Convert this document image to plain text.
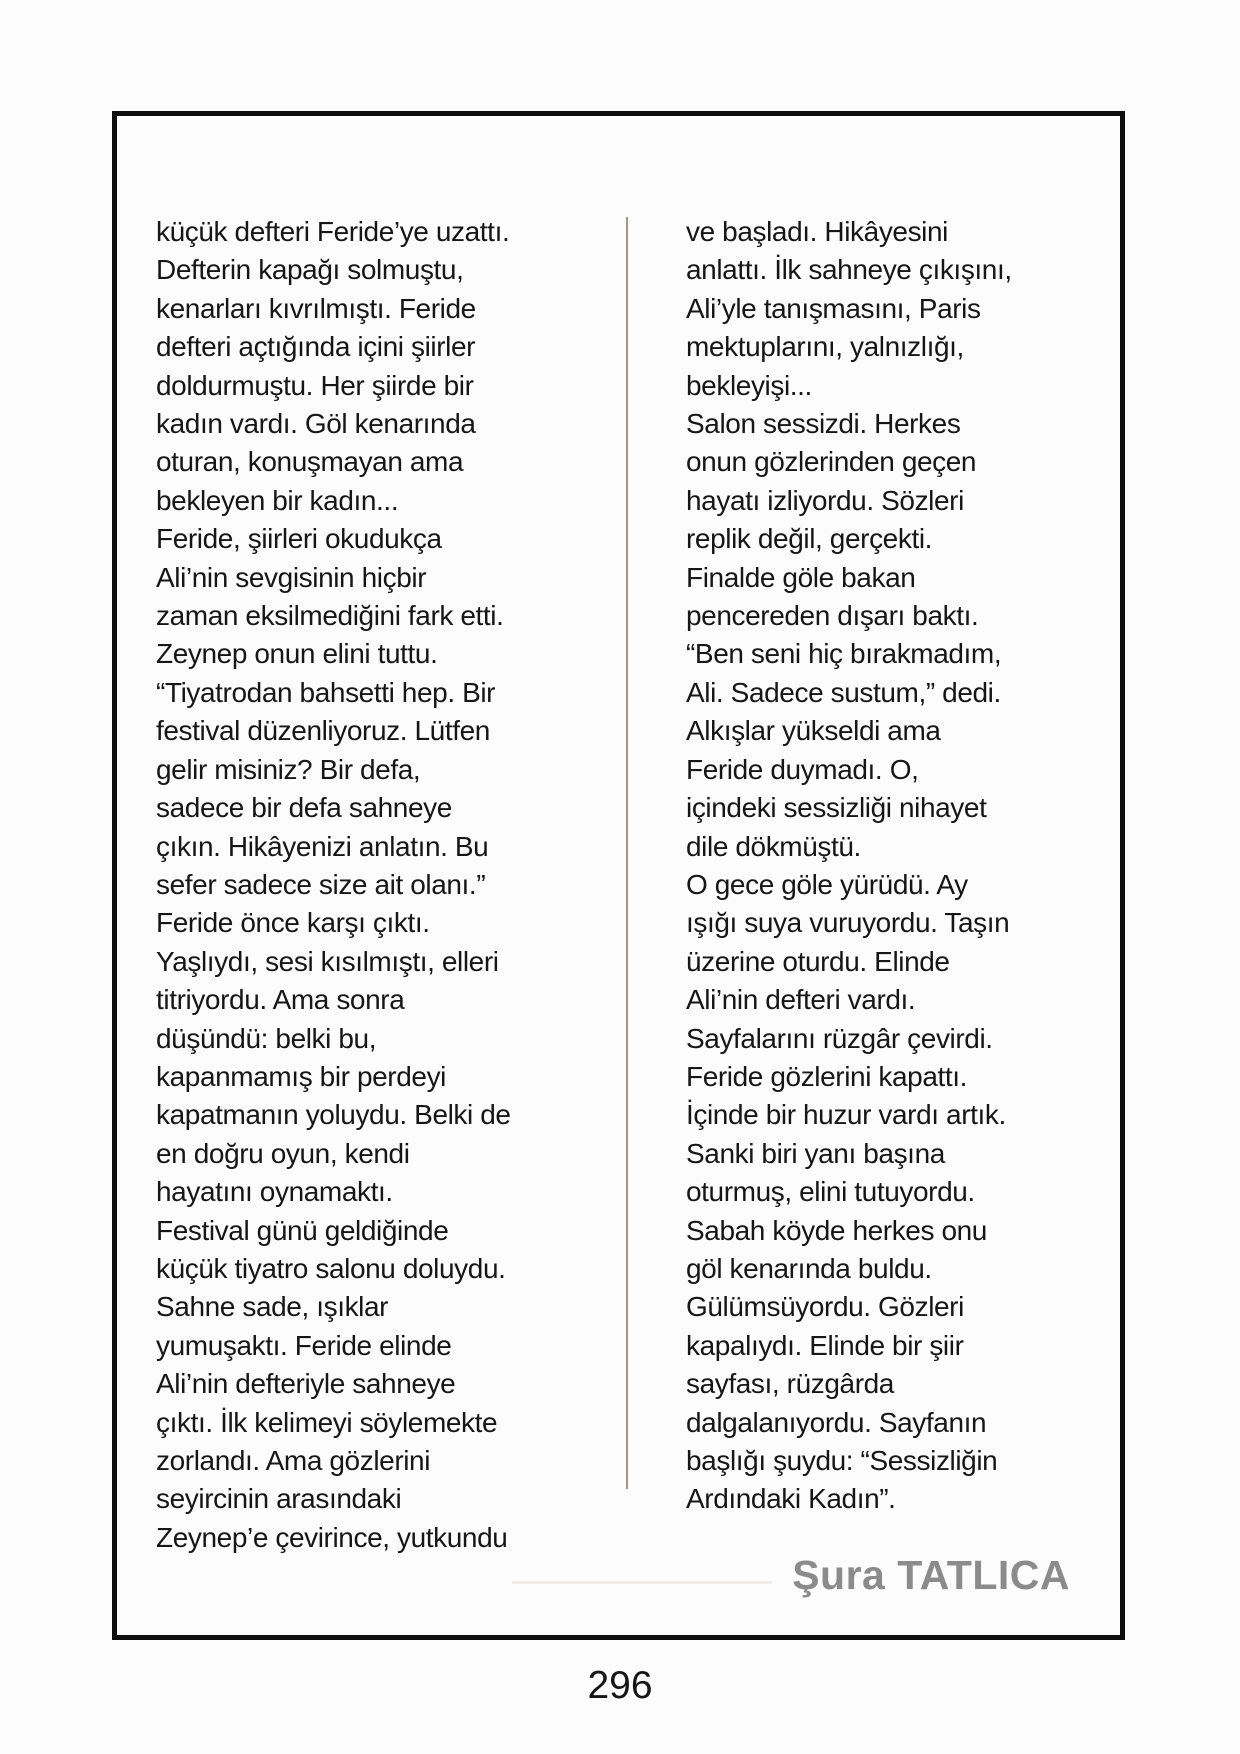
küçük defteri Feride’ye uzattı.
Defterin kapağı solmuştu,
kenarları kıvrılmıştı. Feride
defteri açtığında içini şiirler
doldurmuştu. Her şiirde bir
kadın vardı. Göl kenarında
oturan, konuşmayan ama
bekleyen bir kadın...
Feride, şiirleri okudukça
Ali’nin sevgisinin hiçbir
zaman eksilmediğini fark etti.
Zeynep onun elini tuttu.
“Tiyatrodan bahsetti hep. Bir
festival düzenliyoruz. Lütfen
gelir misiniz? Bir defa,
sadece bir defa sahneye
çıkın. Hikâyenizi anlatın. Bu
sefer sadece size ait olanı.”
Feride önce karşı çıktı.
Yaşlıydı, sesi kısılmıştı, elleri
titriyordu. Ama sonra
düşündü: belki bu,
kapanmamış bir perdeyi
kapatmanın yoluydu. Belki de
en doğru oyun, kendi
hayatını oynamaktı.
Festival günü geldiğinde
küçük tiyatro salonu doluydu.
Sahne sade, ışıklar
yumuşaktı. Feride elinde
Ali’nin defteriyle sahneye
çıktı. İlk kelimeyi söylemekte
zorlandı. Ama gözlerini
seyircinin arasındaki
Zeynep’e çevirince, yutkundu
ve başladı. Hikâyesini
anlattı. İlk sahneye çıkışını,
Ali’yle tanışmasını, Paris
mektuplarını, yalnızlığı,
bekleyişi...
Salon sessizdi. Herkes
onun gözlerinden geçen
hayatı izliyordu. Sözleri
replik değil, gerçekti.
Finalde göle bakan
pencereden dışarı baktı.
“Ben seni hiç bırakmadım,
Ali. Sadece sustum,” dedi.
Alkışlar yükseldi ama
Feride duymadı. O,
içindeki sessizliği nihayet
dile dökmüştü.
O gece göle yürüdü. Ay
ışığı suya vuruyordu. Taşın
üzerine oturdu. Elinde
Ali’nin defteri vardı.
Sayfalarını rüzgâr çevirdi.
Feride gözlerini kapattı.
İçinde bir huzur vardı artık.
Sanki biri yanı başına
oturmuş, elini tutuyordu.
Sabah köyde herkes onu
göl kenarında buldu.
Gülümsüyordu. Gözleri
kapalıydı. Elinde bir şiir
sayfası, rüzgârda
dalgalanıyordu. Sayfanın
başlığı şuydu: “Sessizliğin
Ardındaki Kadın”.
Şura TATLICA
296
